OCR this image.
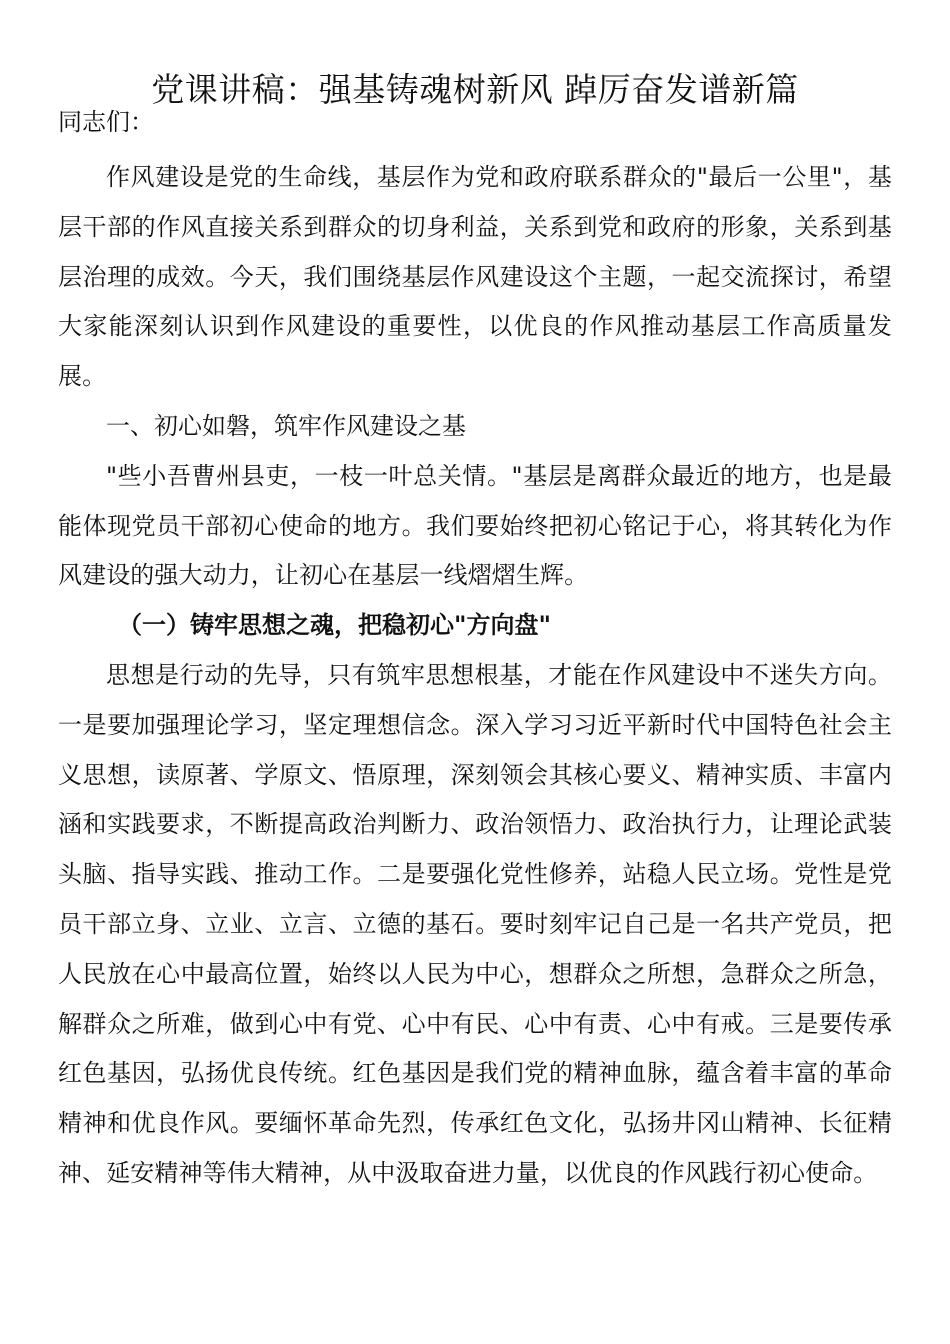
党课讲稿：强基铸魂树新风 踔厉奋发谱新篇

同志们：

作风建设是党的生命线，基层作为党和政府联系群众的"最后一公里"，基层干部的作风直接关系到群众的切身利益，关系到党和政府的形象，关系到基层治理的成效。今天，我们围绕基层作风建设这个主题，一起交流探讨，希望大家能深刻认识到作风建设的重要性，以优良的作风推动基层工作高质量发展。

一、初心如磐，筑牢作风建设之基

"些小吾曹州县吏，一枝一叶总关情。"基层是离群众最近的地方，也是最能体现党员干部初心使命的地方。我们要始终把初心铭记于心，将其转化为作风建设的强大动力，让初心在基层一线熠熠生辉。

（一）铸牢思想之魂，把稳初心"方向盘"

思想是行动的先导，只有筑牢思想根基，才能在作风建设中不迷失方向。一是要加强理论学习，坚定理想信念。深入学习习近平新时代中国特色社会主义思想，读原著、学原文、悟原理，深刻领会其核心要义、精神实质、丰富内涵和实践要求，不断提高政治判断力、政治领悟力、政治执行力，让理论武装头脑、指导实践、推动工作。二是要强化党性修养，站稳人民立场。党性是党员干部立身、立业、立言、立德的基石。要时刻牢记自己是一名共产党员，把人民放在心中最高位置，始终以人民为中心，想群众之所想，急群众之所急，解群众之所难，做到心中有党、心中有民、心中有责、心中有戒。三是要传承红色基因，弘扬优良传统。红色基因是我们党的精神血脉，蕴含着丰富的革命精神和优良作风。要缅怀革命先烈，传承红色文化，弘扬井冈山精神、长征精神、延安精神等伟大精神，从中汲取奋进力量，以优良的作风践行初心使命。
